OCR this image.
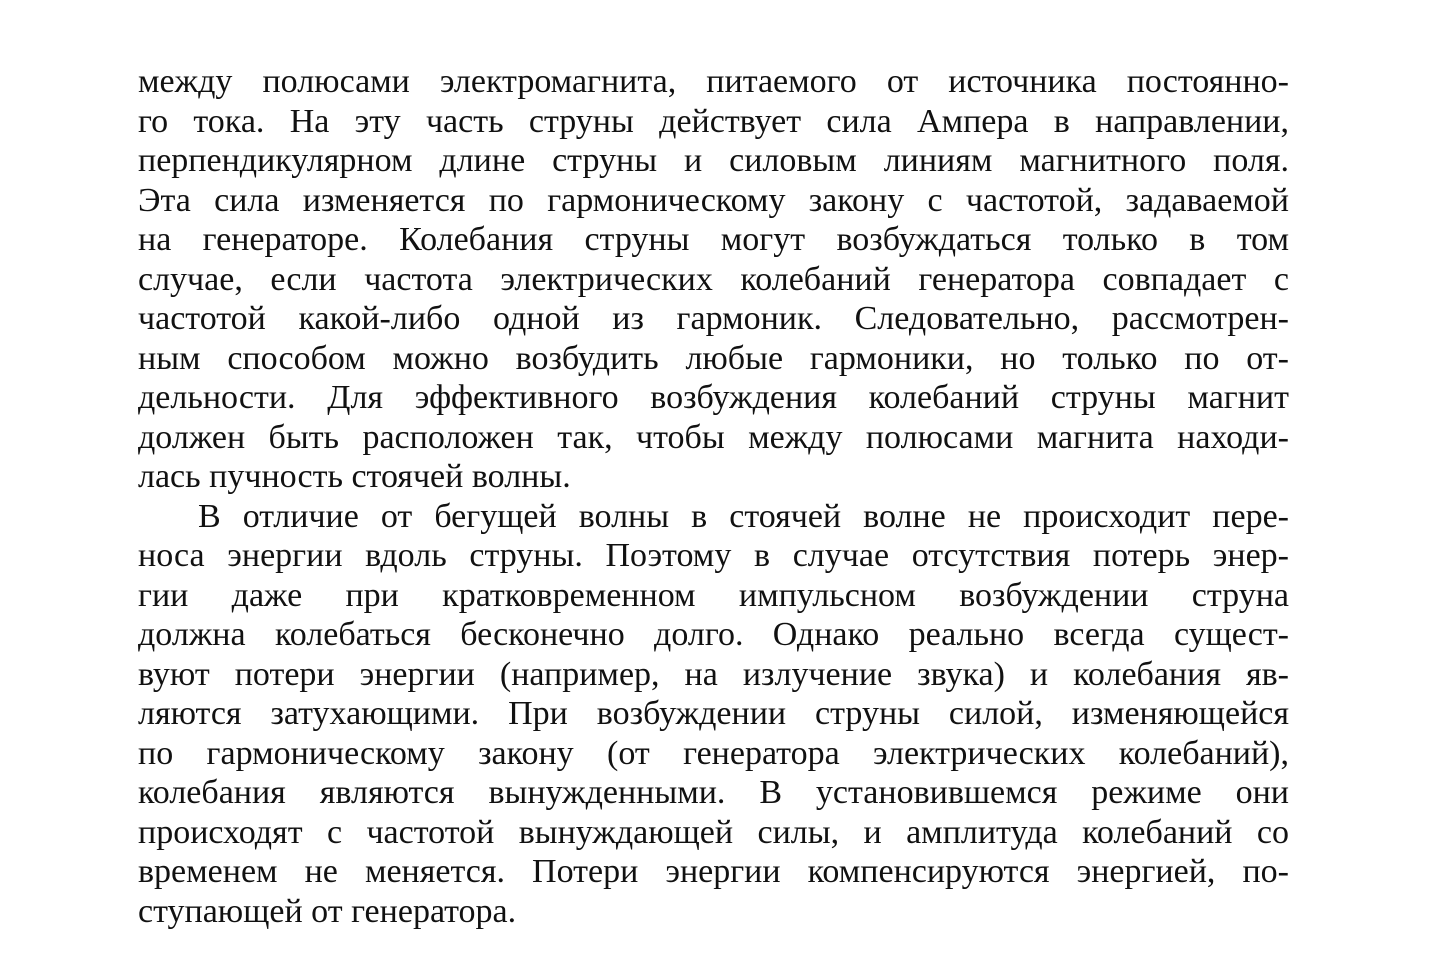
между полюсами электромагнита, питаемого от источника постоянно-
го тока. На эту часть струны действует сила Ампера в направлении,
перпендикулярном длине струны и силовым линиям магнитного поля.
Эта сила изменяется по гармоническому закону с частотой, задаваемой
на генераторе. Колебания струны могут возбуждаться только в том
случае, если частота электрических колебаний генератора совпадает с
частотой какой-либо одной из гармоник. Следовательно, рассмотрен-
ным способом можно возбудить любые гармоники, но только по от-
дельности. Для эффективного возбуждения колебаний струны магнит
должен быть расположен так, чтобы между полюсами магнита находи-
лась пучность стоячей волны.
В отличие от бегущей волны в стоячей волне не происходит пере-
носа энергии вдоль струны. Поэтому в случае отсутствия потерь энер-
гии даже при кратковременном импульсном возбуждении струна
должна колебаться бесконечно долго. Однако реально всегда сущест-
вуют потери энергии (например, на излучение звука) и колебания яв-
ляются затухающими. При возбуждении струны силой, изменяющейся
по гармоническому закону (от генератора электрических колебаний),
колебания являются вынужденными. В установившемся режиме они
происходят с частотой вынуждающей силы, и амплитуда колебаний со
временем не меняется. Потери энергии компенсируются энергией, по-
ступающей от генератора.
